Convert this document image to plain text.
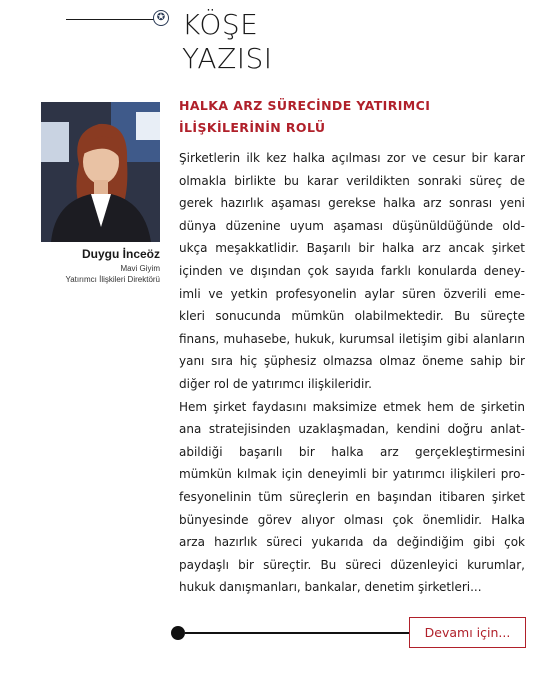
✪ KÖŞE
YAZISI
Duygu İnceöz
Mavi Giyim
Yatırımcı İlişkileri Direktörü
HALKA ARZ SÜRECİNDE YATIRIMCI
İLİŞKİLERİNİN ROLÜ
Şirketlerin ilk kez halka açılması zor ve cesur bir karar
olmakla birlikte bu karar verildikten sonraki süreç de
gerek hazırlık aşaması gerekse halka arz sonrası yeni
dünya düzenine uyum aşaması düşünüldüğünde old-
ukça meşakkatlidir. Başarılı bir halka arz ancak şirket
içinden ve dışından çok sayıda farklı konularda deney-
imli ve yetkin profesyonelin aylar süren özverili eme-
kleri sonucunda mümkün olabilmektedir. Bu süreçte
finans, muhasebe, hukuk, kurumsal iletişim gibi alanların
yanı sıra hiç şüphesiz olmazsa olmaz öneme sahip bir
diğer rol de yatırımcı ilişkileridir.
Hem şirket faydasını maksimize etmek hem de şirketin
ana stratejisinden uzaklaşmadan, kendini doğru anlat-
abildiği başarılı bir halka arz gerçekleştirmesini
mümkün kılmak için deneyimli bir yatırımcı ilişkileri pro-
fesyonelinin tüm süreçlerin en başından itibaren şirket
bünyesinde görev alıyor olması çok önemlidir. Halka
arza hazırlık süreci yukarıda da değindiğim gibi çok
paydaşlı bir süreçtir. Bu süreci düzenleyici kurumlar,
hukuk danışmanları, bankalar, denetim şirketleri...
Devamı için...
